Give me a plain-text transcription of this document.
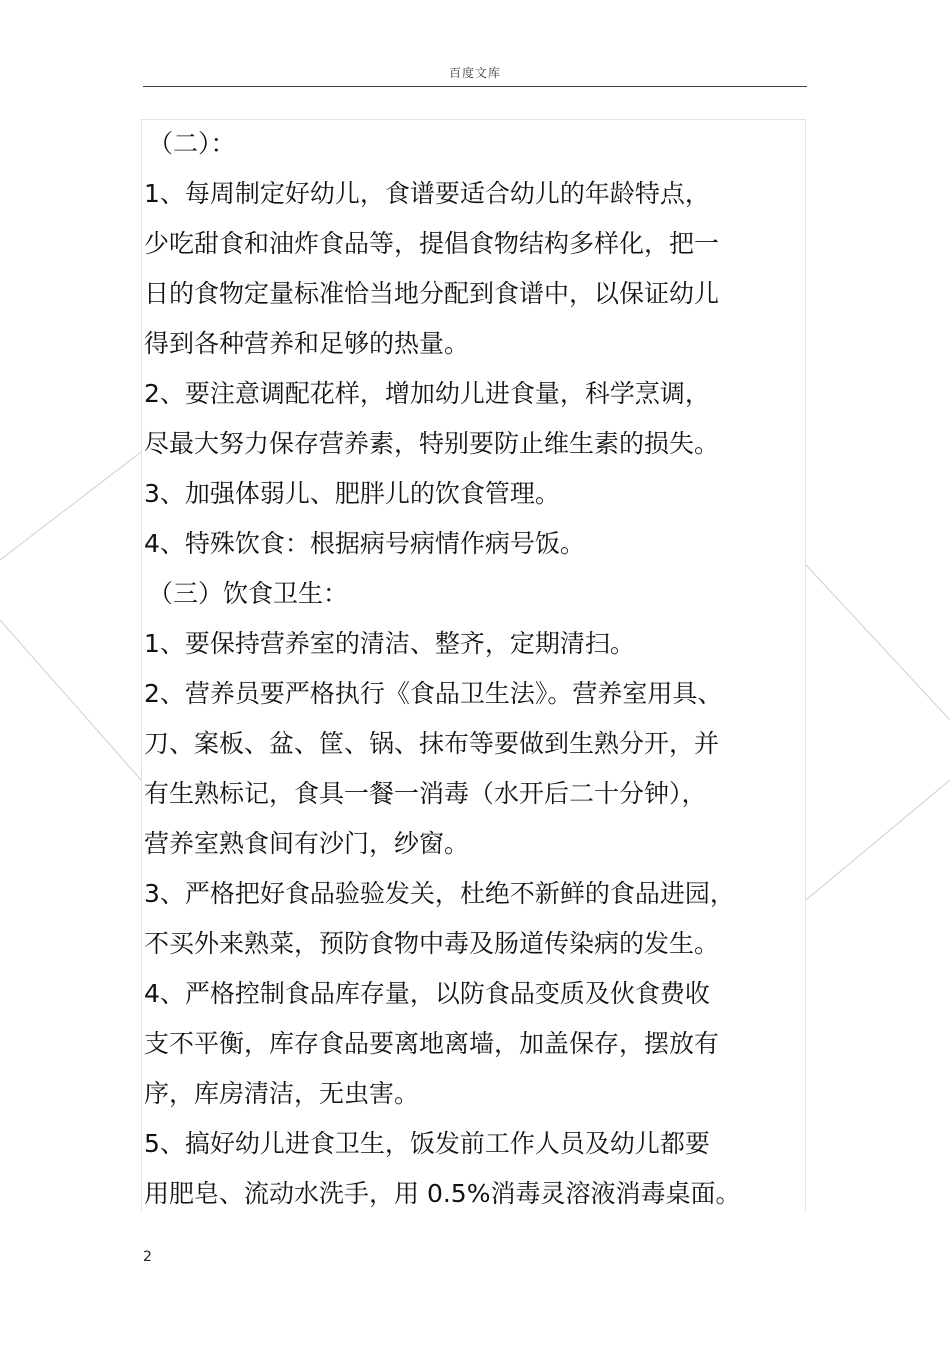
百度文库
（二）：
1、每周制定好幼儿，食谱要适合幼儿的年龄特点，
少吃甜食和油炸食品等，提倡食物结构多样化，把一
日的食物定量标准恰当地分配到食谱中，以保证幼儿
得到各种营养和足够的热量。
2、要注意调配花样，增加幼儿进食量，科学烹调，
尽最大努力保存营养素，特别要防止维生素的损失。
3、加强体弱儿、肥胖儿的饮食管理。
4、特殊饮食：根据病号病情作病号饭。
（三）饮食卫生：
1、要保持营养室的清洁、整齐，定期清扫。
2、营养员要严格执行《食品卫生法》。营养室用具、
刀、案板、盆、筐、锅、抹布等要做到生熟分开，并
有生熟标记，食具一餐一消毒（水开后二十分钟），
营养室熟食间有沙门，纱窗。
3、严格把好食品验验发关，杜绝不新鲜的食品进园，
不买外来熟菜，预防食物中毒及肠道传染病的发生。
4、严格控制食品库存量，以防食品变质及伙食费收
支不平衡，库存食品要离地离墙，加盖保存，摆放有
序，库房清洁，无虫害。
5、搞好幼儿进食卫生，饭发前工作人员及幼儿都要
用肥皂、流动水洗手，用 0.5%消毒灵溶液消毒桌面。
2
